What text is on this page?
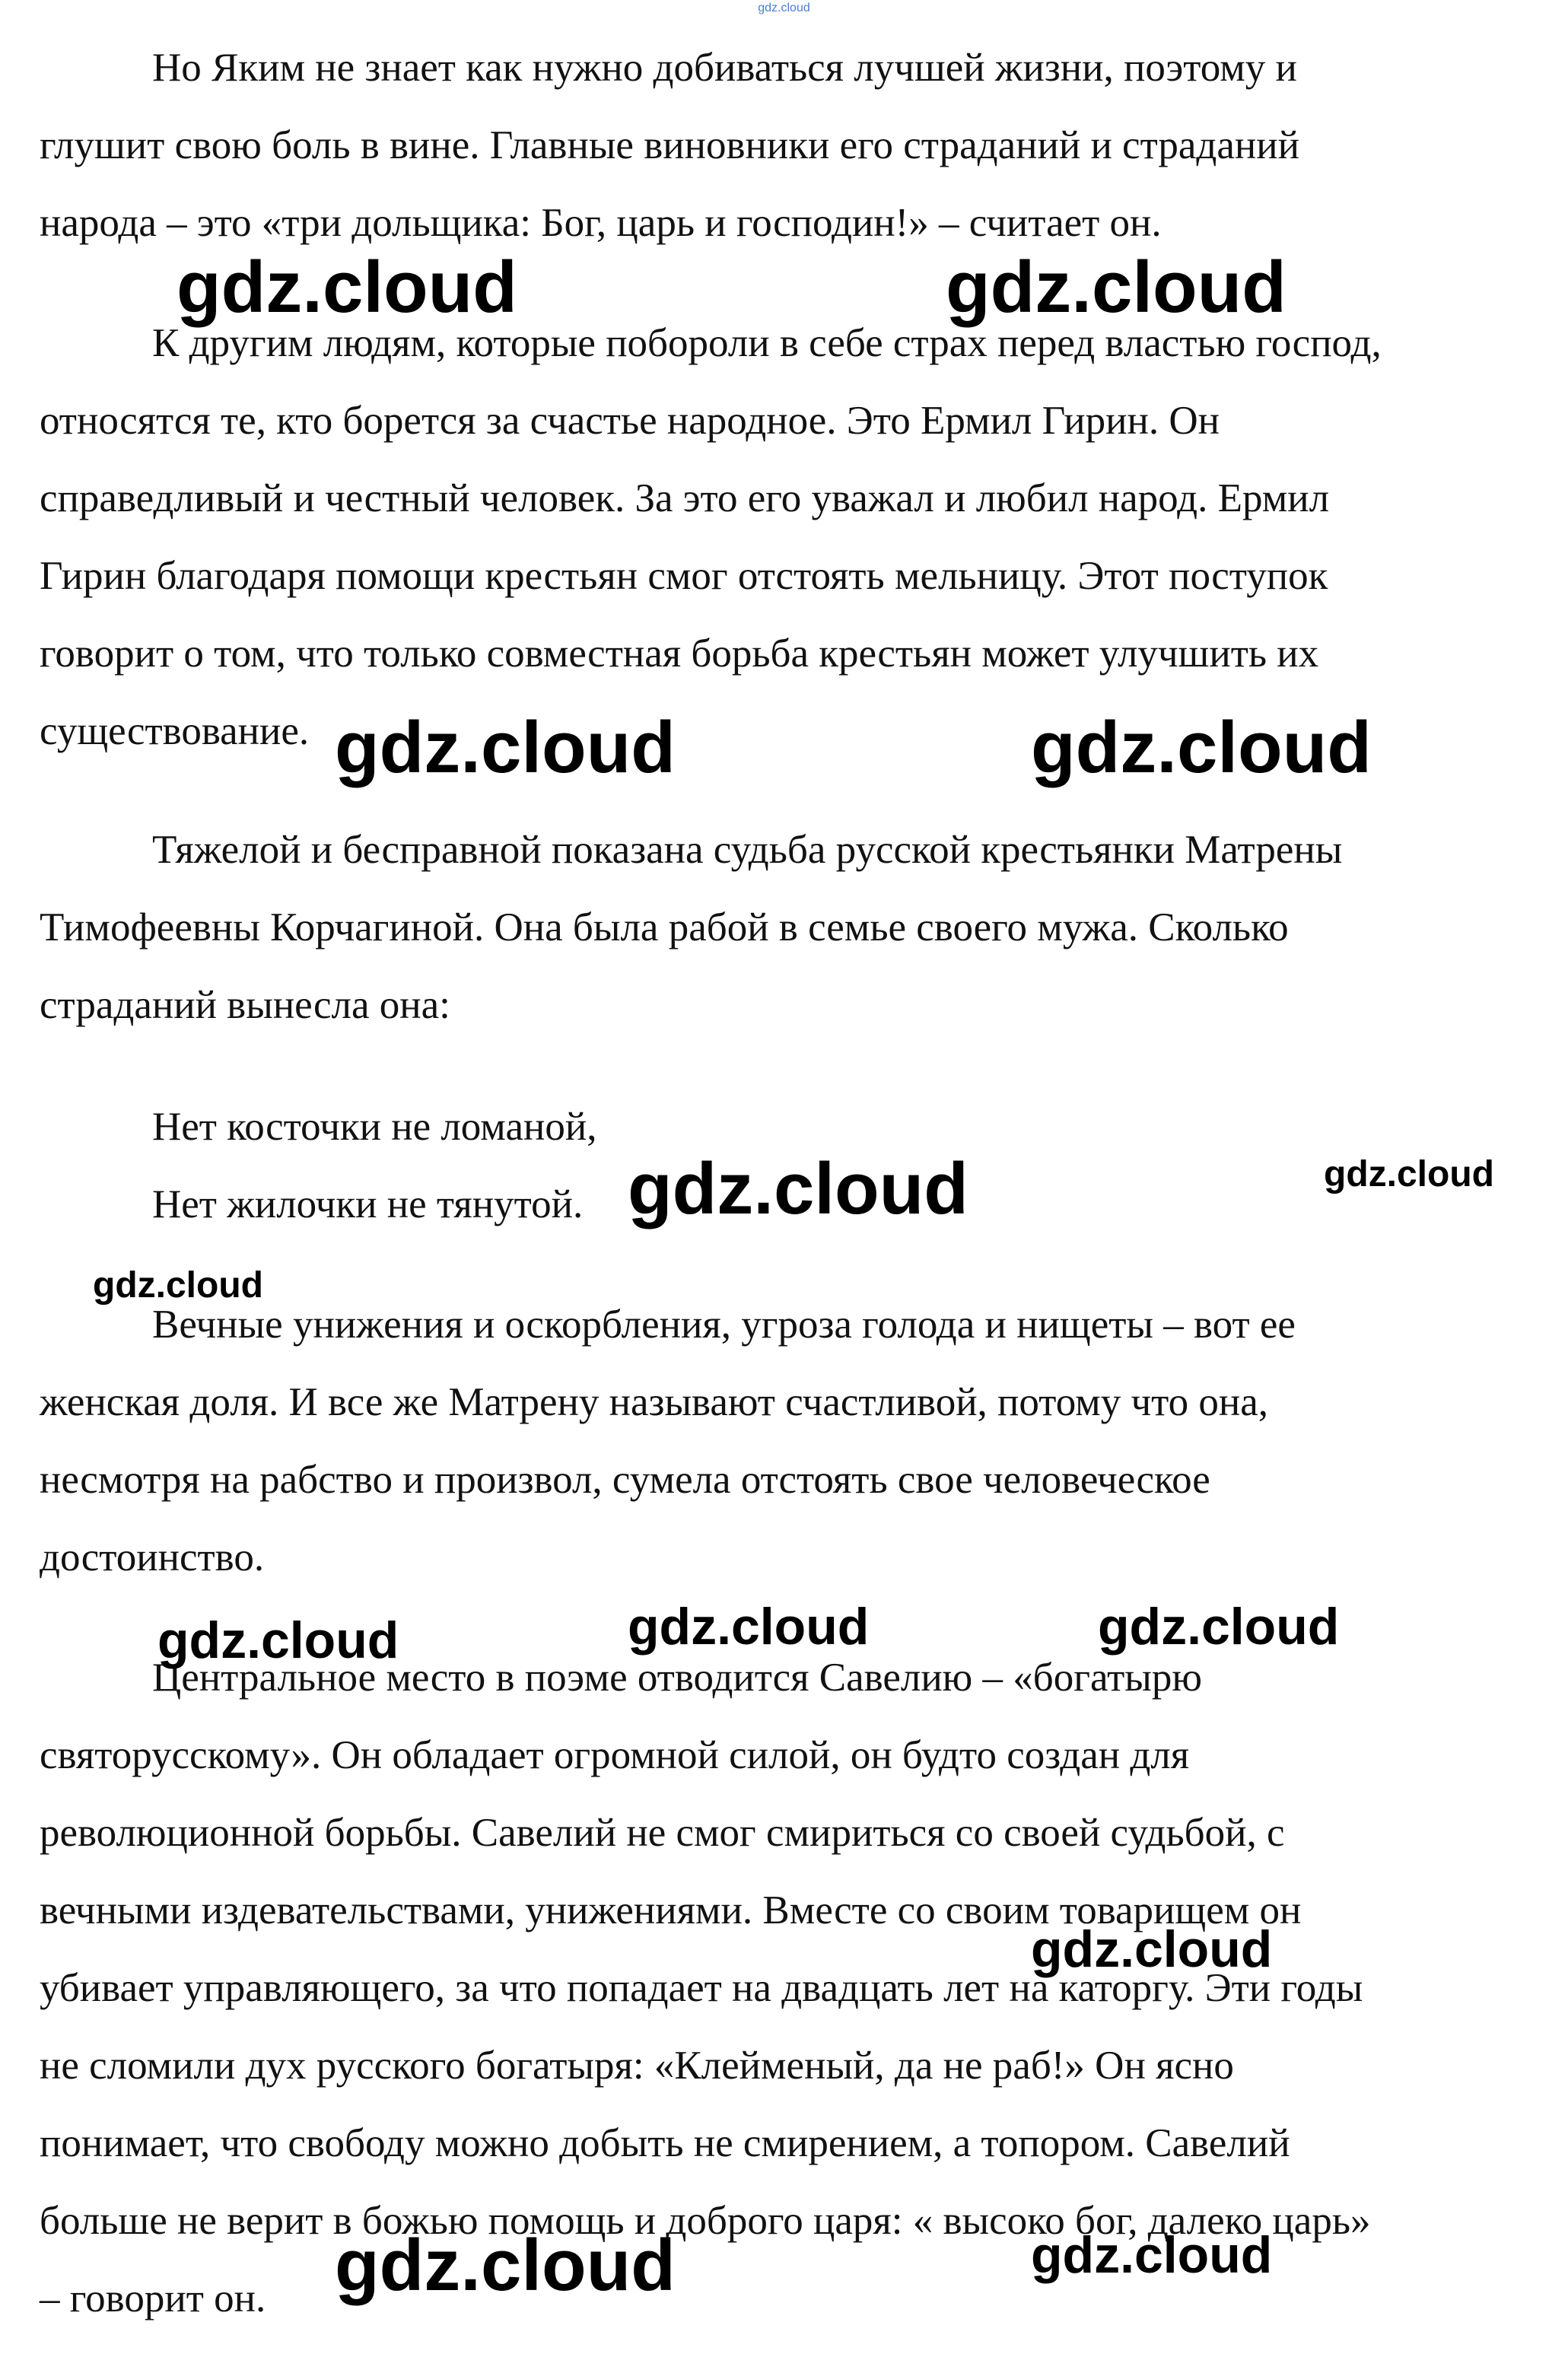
gdz.cloud

Но Яким не знает как нужно добиваться лучшей жизни, поэтому и
глушит свою боль в вине. Главные виновники его страданий и страданий
народа – это «три дольщика: Бог, царь и господин!» – считает он.

К другим людям, которые побороли в себе страх перед властью господ,
относятся те, кто борется за счастье народное. Это Ермил Гирин. Он
справедливый и честный человек. За это его уважал и любил народ. Ермил
Гирин благодаря помощи крестьян смог отстоять мельницу. Этот поступок
говорит о том, что только совместная борьба крестьян может улучшить их
существование.

Тяжелой и бесправной показана судьба русской крестьянки Матрены
Тимофеевны Корчагиной. Она была рабой в семье своего мужа. Сколько
страданий вынесла она:

Нет косточки не ломаной,
Нет жилочки не тянутой.

Вечные унижения и оскорбления, угроза голода и нищеты – вот ее
женская доля. И все же Матрену называют счастливой, потому что она,
несмотря на рабство и произвол, сумела отстоять свое человеческое
достоинство.

Центральное место в поэме отводится Савелию – «богатырю
святорусскому». Он обладает огромной силой, он будто создан для
революционной борьбы. Савелий не смог смириться со своей судьбой, с
вечными издевательствами, унижениями. Вместе со своим товарищем он
убивает управляющего, за что попадает на двадцать лет на каторгу. Эти годы
не сломили дух русского богатыря: «Клейменый, да не раб!» Он ясно
понимает, что свободу можно добыть не смирением, а топором. Савелий
больше не верит в божью помощь и доброго царя: « высоко бог, далеко царь»
– говорит он.

gdz.cloud	gdz.cloud
gdz.cloud	gdz.cloud
gdz.cloud	gdz.cloud
gdz.cloud
gdz.cloud	gdz.cloud	gdz.cloud
gdz.cloud
gdz.cloud	gdz.cloud
